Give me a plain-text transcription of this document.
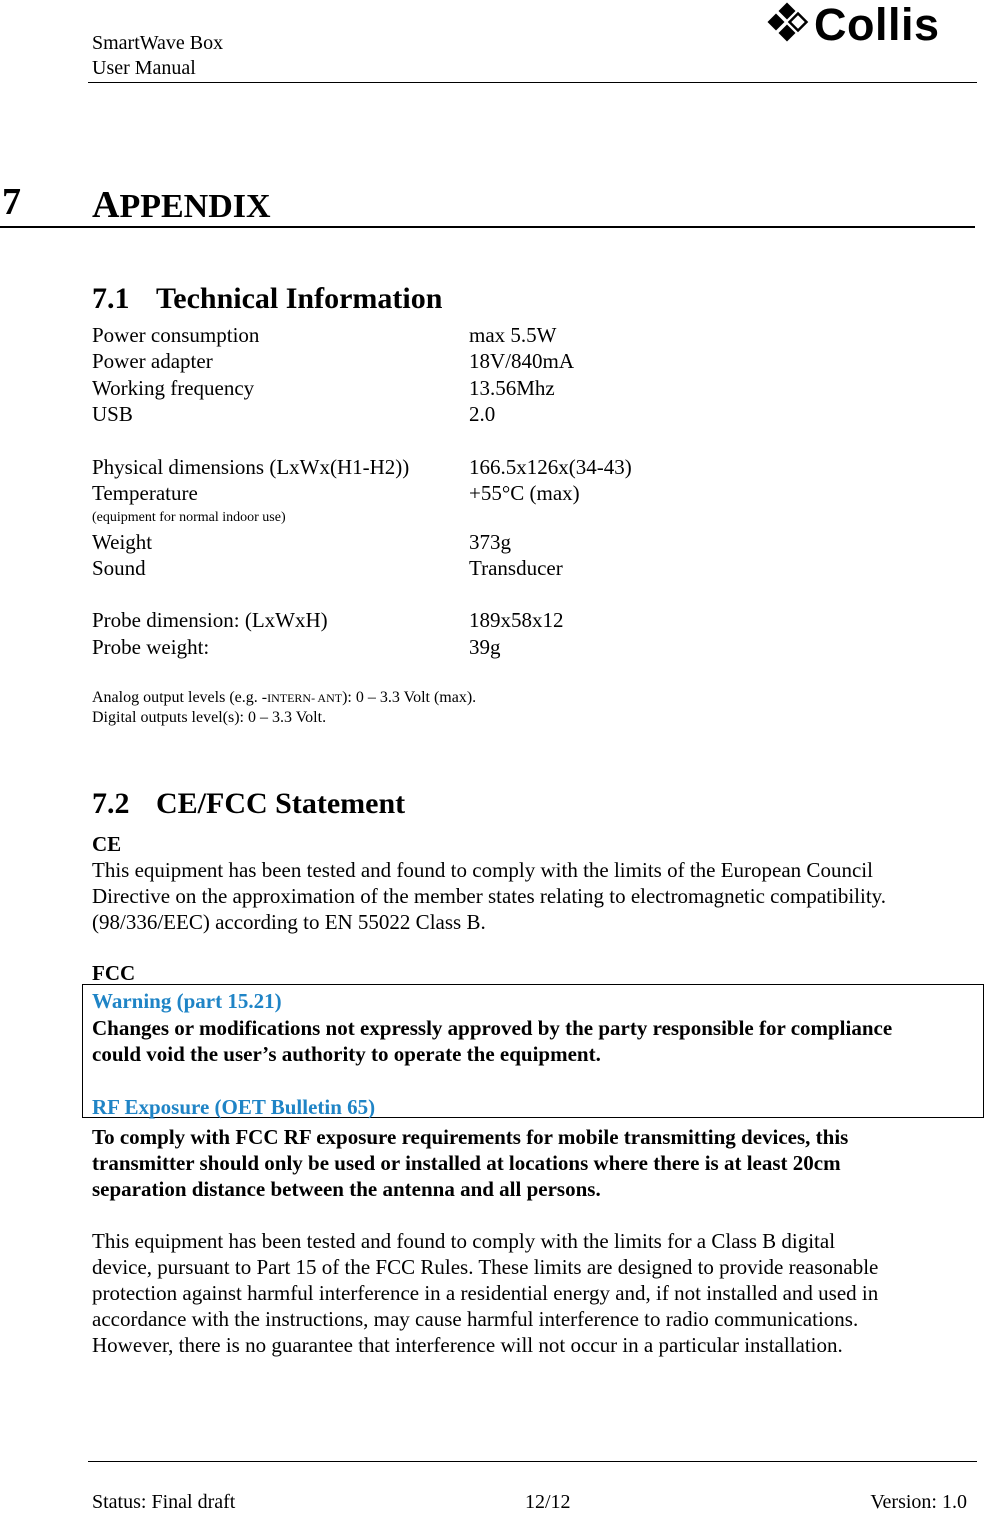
SmartWave Box
User Manual
Collis
7 APPENDIX
7.1 Technical Information
Power consumption	max 5.5W
Power adapter	18V/840mA
Working frequency	13.56Mhz
USB	2.0
Physical dimensions (LxWx(H1-H2))	166.5x126x(34-43)
Temperature	+55°C (max)
(equipment for normal indoor use)
Weight	373g
Sound	Transducer
Probe dimension: (LxWxH)	189x58x12
Probe weight:	39g
Analog output levels (e.g. -INTERN- ANT): 0 – 3.3 Volt (max).
Digital outputs level(s): 0 – 3.3 Volt.
7.2 CE/FCC Statement
CE
This equipment has been tested and found to comply with the limits of the European Council
Directive on the approximation of the member states relating to electromagnetic compatibility.
(98/336/EEC) according to EN 55022 Class B.
FCC
Warning (part 15.21)
Changes or modifications not expressly approved by the party responsible for compliance
could void the user’s authority to operate the equipment.
RF Exposure (OET Bulletin 65)
To comply with FCC RF exposure requirements for mobile transmitting devices, this
transmitter should only be used or installed at locations where there is at least 20cm
separation distance between the antenna and all persons.
This equipment has been tested and found to comply with the limits for a Class B digital
device, pursuant to Part 15 of the FCC Rules. These limits are designed to provide reasonable
protection against harmful interference in a residential energy and, if not installed and used in
accordance with the instructions, may cause harmful interference to radio communications.
However, there is no guarantee that interference will not occur in a particular installation.
Status: Final draft	12/12	Version: 1.0
